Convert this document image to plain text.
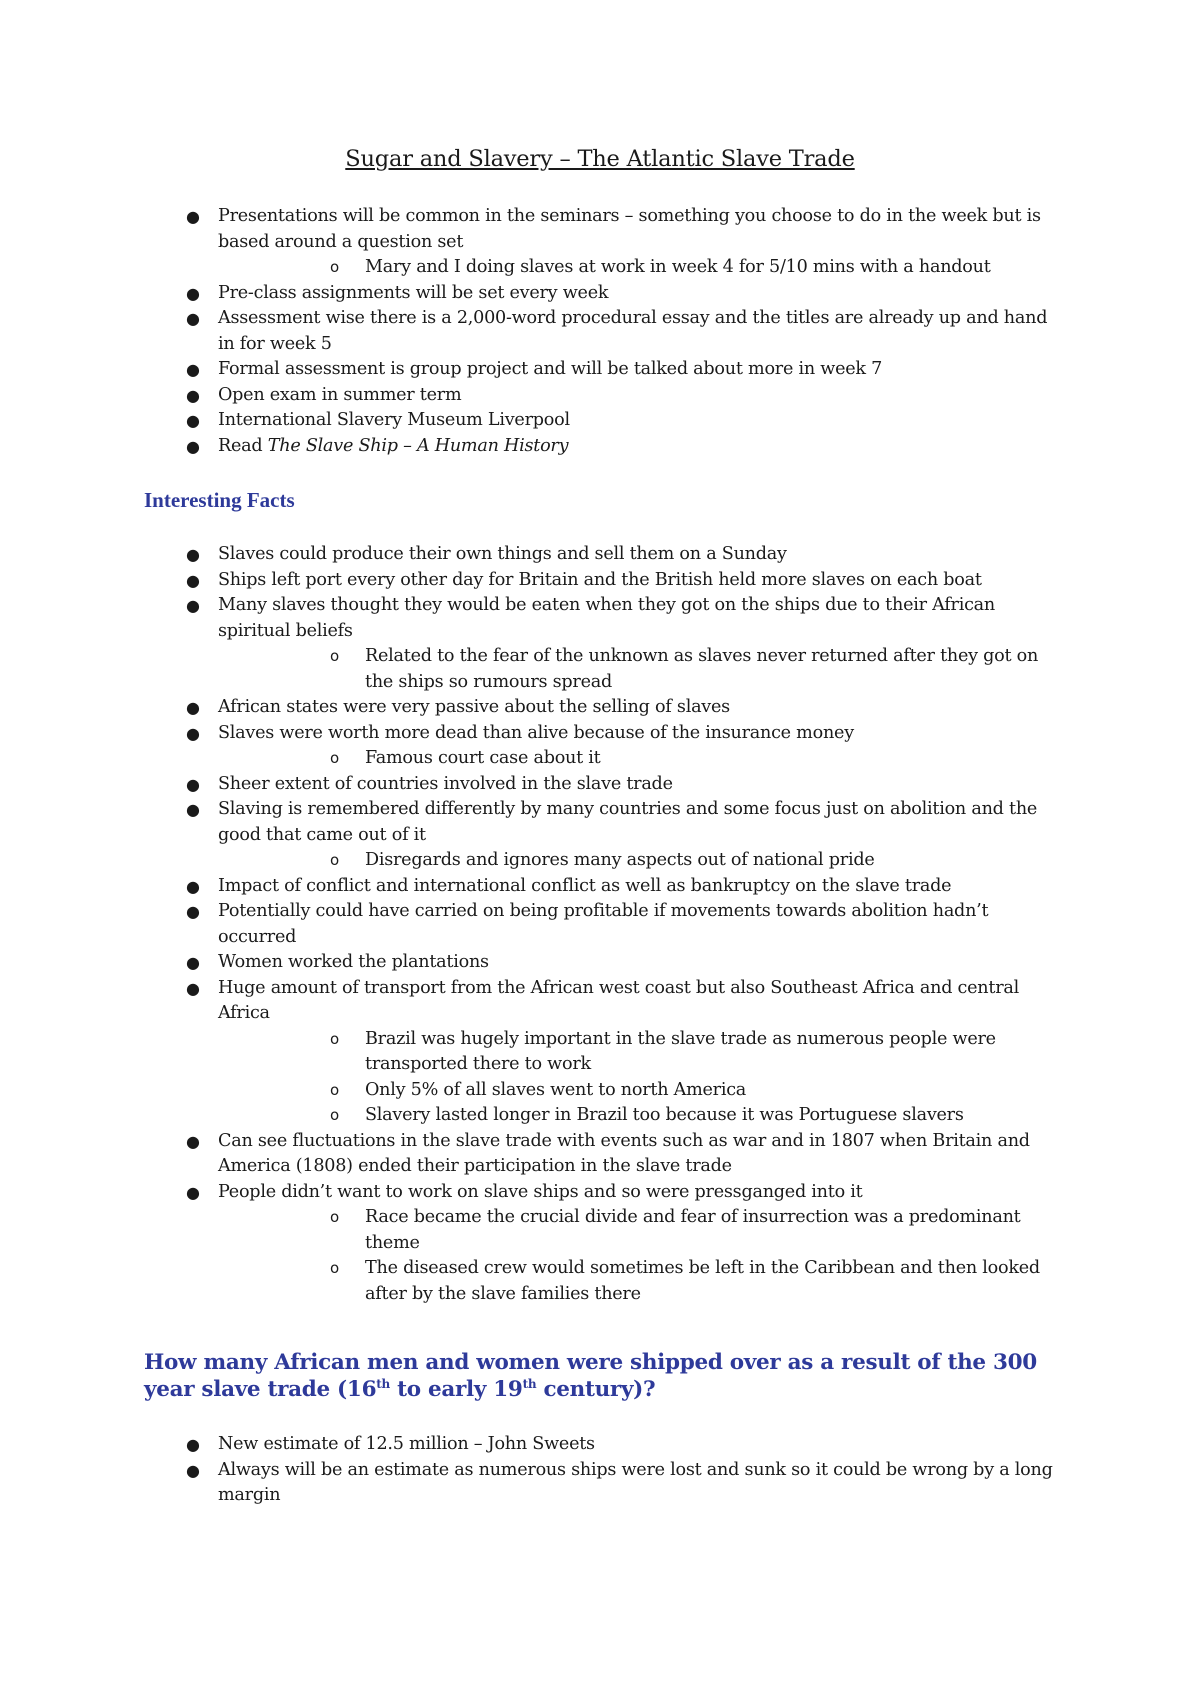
Sugar and Slavery – The Atlantic Slave Trade
● Presentations will be common in the seminars – something you choose to do in the week but is based around a question set
o Mary and I doing slaves at work in week 4 for 5/10 mins with a handout
● Pre-class assignments will be set every week
● Assessment wise there is a 2,000-word procedural essay and the titles are already up and hand in for week 5
● Formal assessment is group project and will be talked about more in week 7
● Open exam in summer term
● International Slavery Museum Liverpool
● Read The Slave Ship – A Human History
Interesting Facts
● Slaves could produce their own things and sell them on a Sunday
● Ships left port every other day for Britain and the British held more slaves on each boat
● Many slaves thought they would be eaten when they got on the ships due to their African spiritual beliefs
o Related to the fear of the unknown as slaves never returned after they got on the ships so rumours spread
● African states were very passive about the selling of slaves
● Slaves were worth more dead than alive because of the insurance money
o Famous court case about it
● Sheer extent of countries involved in the slave trade
● Slaving is remembered differently by many countries and some focus just on abolition and the good that came out of it
o Disregards and ignores many aspects out of national pride
● Impact of conflict and international conflict as well as bankruptcy on the slave trade
● Potentially could have carried on being profitable if movements towards abolition hadn’t occurred
● Women worked the plantations
● Huge amount of transport from the African west coast but also Southeast Africa and central Africa
o Brazil was hugely important in the slave trade as numerous people were transported there to work
o Only 5% of all slaves went to north America
o Slavery lasted longer in Brazil too because it was Portuguese slavers
● Can see fluctuations in the slave trade with events such as war and in 1807 when Britain and America (1808) ended their participation in the slave trade
● People didn’t want to work on slave ships and so were pressganged into it
o Race became the crucial divide and fear of insurrection was a predominant theme
o The diseased crew would sometimes be left in the Caribbean and then looked after by the slave families there
How many African men and women were shipped over as a result of the 300 year slave trade (16th to early 19th century)?
● New estimate of 12.5 million – John Sweets
● Always will be an estimate as numerous ships were lost and sunk so it could be wrong by a long margin
